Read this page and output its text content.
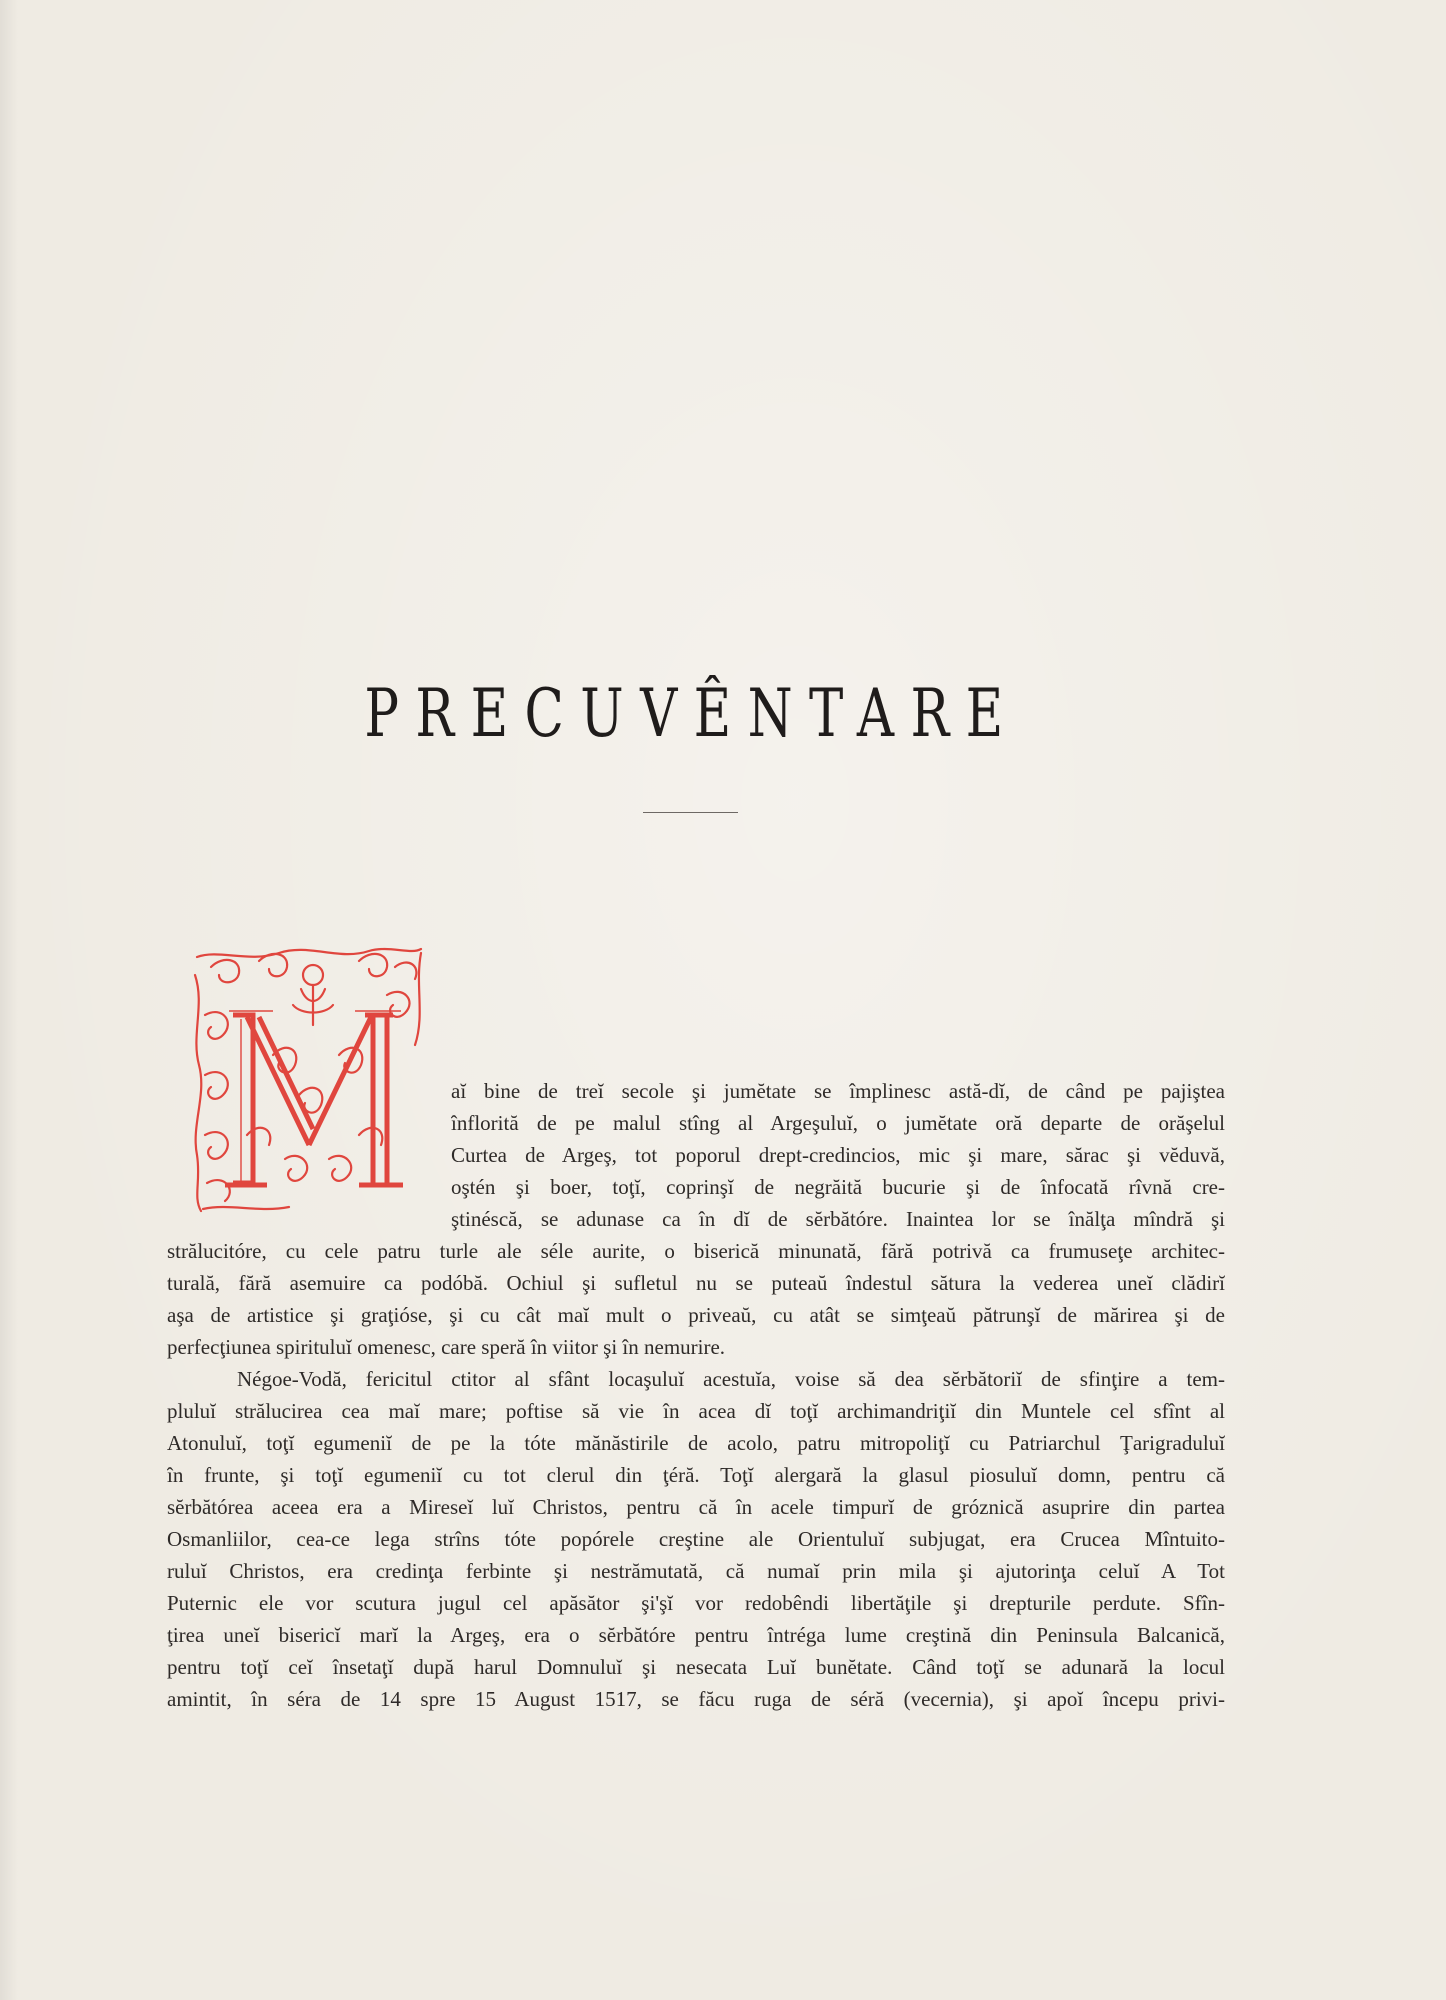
PRECUVÊNTARE
aĭ bine de treĭ secole şi jumĕtate se împlinesc astă-dĭ, de când pe pajiştea
înflorită de pe malul stîng al Argeşuluĭ, o jumĕtate oră departe de orăşelul
Curtea de Argeş, tot poporul drept-credincios, mic şi mare, sărac şi vĕduvă,
oştén şi boer, toţĭ, coprinşĭ de negrăită bucurie şi de înfocată rîvnă cre-
ştinéscă, se adunase ca în dĭ de sĕrbătóre. Inaintea lor se înălţa mîndră şi
strălucitóre, cu cele patru turle ale séle aurite, o biserică minunată, fără potrivă ca frumuseţe architec-
turală, fără asemuire ca podóbă. Ochiul şi sufletul nu se puteaŭ îndestul sătura la vederea uneĭ clădirĭ
aşa de artistice şi graţióse, şi cu cât maĭ mult o priveaŭ, cu atât se simţeaŭ pătrunşĭ de mărirea şi de
perfecţiunea spirituluĭ omenesc, care speră în viitor şi în nemurire.
Négoe-Vodă, fericitul ctitor al sfânt locaşuluĭ acestuĭa, voise să dea sĕrbătoriĭ de sfinţire a tem-
pluluĭ strălucirea cea maĭ mare; poftise să vie în acea dĭ toţĭ archimandriţiĭ din Muntele cel sfînt al
Atonuluĭ, toţĭ egumeniĭ de pe la tóte mănăstirile de acolo, patru mitropoliţĭ cu Patriarchul Ţarigraduluĭ
în frunte, şi toţĭ egumeniĭ cu tot clerul din ţéră. Toţĭ alergară la glasul piosuluĭ domn, pentru că
sĕrbătórea aceea era a Mireseĭ luĭ Christos, pentru că în acele timpurĭ de gróznică asuprire din partea
Osmanliilor, cea-ce lega strîns tóte popórele creştine ale Orientuluĭ subjugat, era Crucea Mîntuito-
ruluĭ Christos, era credinţa ferbinte şi nestrămutată, că numaĭ prin mila şi ajutorinţa celuĭ A Tot
Puternic ele vor scutura jugul cel apăsător şi'şĭ vor redobêndi libertăţile şi drepturile perdute. Sfîn-
ţirea uneĭ bisericĭ marĭ la Argeş, era o sĕrbătóre pentru întréga lume creştină din Peninsula Balcanică,
pentru toţĭ ceĭ însetaţĭ după harul Domnuluĭ şi nesecata Luĭ bunĕtate. Când toţĭ se adunară la locul
amintit, în séra de 14 spre 15 August 1517, se făcu ruga de séră (vecernia), şi apoĭ începu privi-
